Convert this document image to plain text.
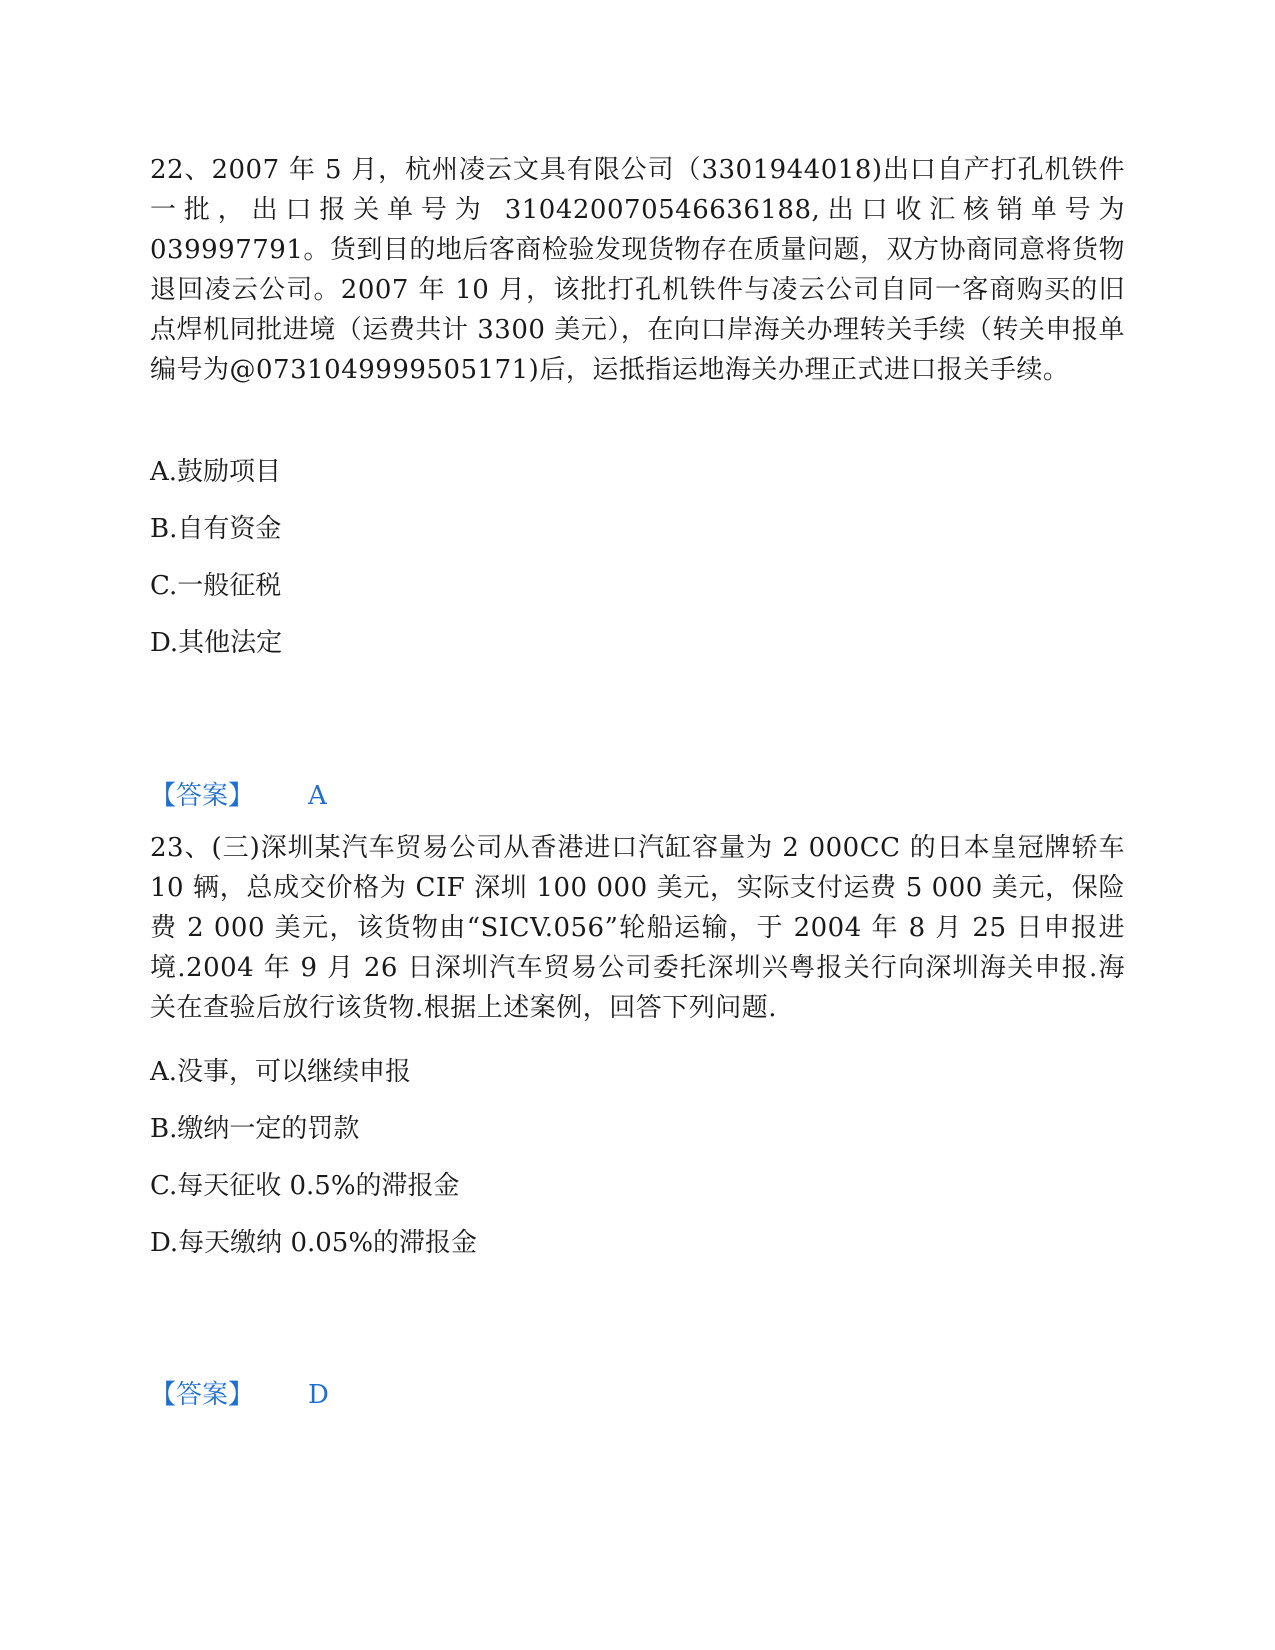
22、2007 年 5 月，杭州凌云文具有限公司（3301944018)出口自产打孔机铁件一批，出口报关单号为 310420070546636188,出口收汇核销单号为 039997791。货到目的地后客商检验发现货物存在质量问题，双方协商同意将货物退回凌云公司。2007 年 10 月，该批打孔机铁件与凌云公司自同一客商购买的旧点焊机同批进境（运费共计 3300 美元），在向口岸海关办理转关手续（转关申报单编号为@0731049999505171)后，运抵指运地海关办理正式进口报关手续。

A.鼓励项目
B.自有资金
C.一般征税
D.其他法定
【答案】 A

23、(三)深圳某汽车贸易公司从香港进口汽缸容量为 2 000CC 的日本皇冠牌轿车 10 辆，总成交价格为 CIF 深圳 100 000 美元，实际支付运费 5 000 美元，保险费 2 000 美元，该货物由“SICV.056”轮船运输，于 2004 年 8 月 25 日申报进境.2004 年 9 月 26 日深圳汽车贸易公司委托深圳兴粤报关行向深圳海关申报.海关在查验后放行该货物.根据上述案例，回答下列问题.

A.没事，可以继续申报
B.缴纳一定的罚款
C.每天征收 0.5%的滞报金
D.每天缴纳 0.05%的滞报金
【答案】 D
